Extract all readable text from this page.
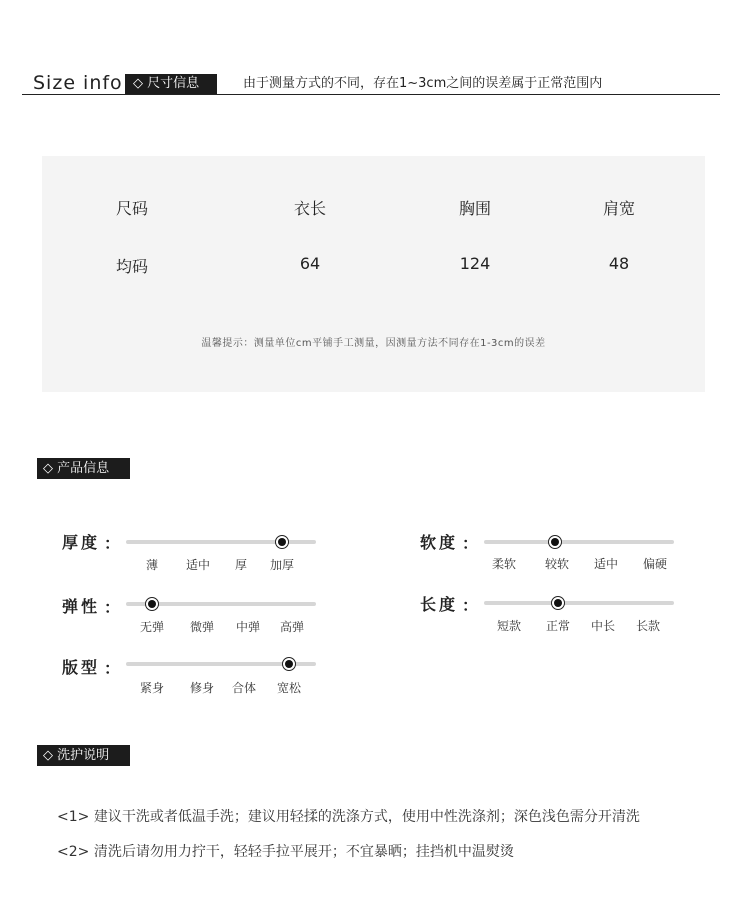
Size info ◇ 尺寸信息	由于测量方式的不同，存在1~3cm之间的误差属于正常范围内
尺码	衣长	胸围	肩宽
均码	64	124	48
温馨提示：测量单位cm平铺手工测量，因测量方法不同存在1-3cm的误差
◇ 产品信息
厚度 ：
薄 适中 厚 加厚
弹性 ：
无弹 微弹 中弹 高弹
版型 ：
紧身 修身 合体 宽松
软度 ：
柔软 较软 适中 偏硬
长度 ：
短款 正常 中长 长款
◇ 洗护说明
<1> 建议干洗或者低温手洗；建议用轻揉的洗涤方式，使用中性洗涤剂；深色浅色需分开清洗
<2> 清洗后请勿用力拧干，轻轻手拉平展开；不宜暴晒；挂挡机中温熨烫
